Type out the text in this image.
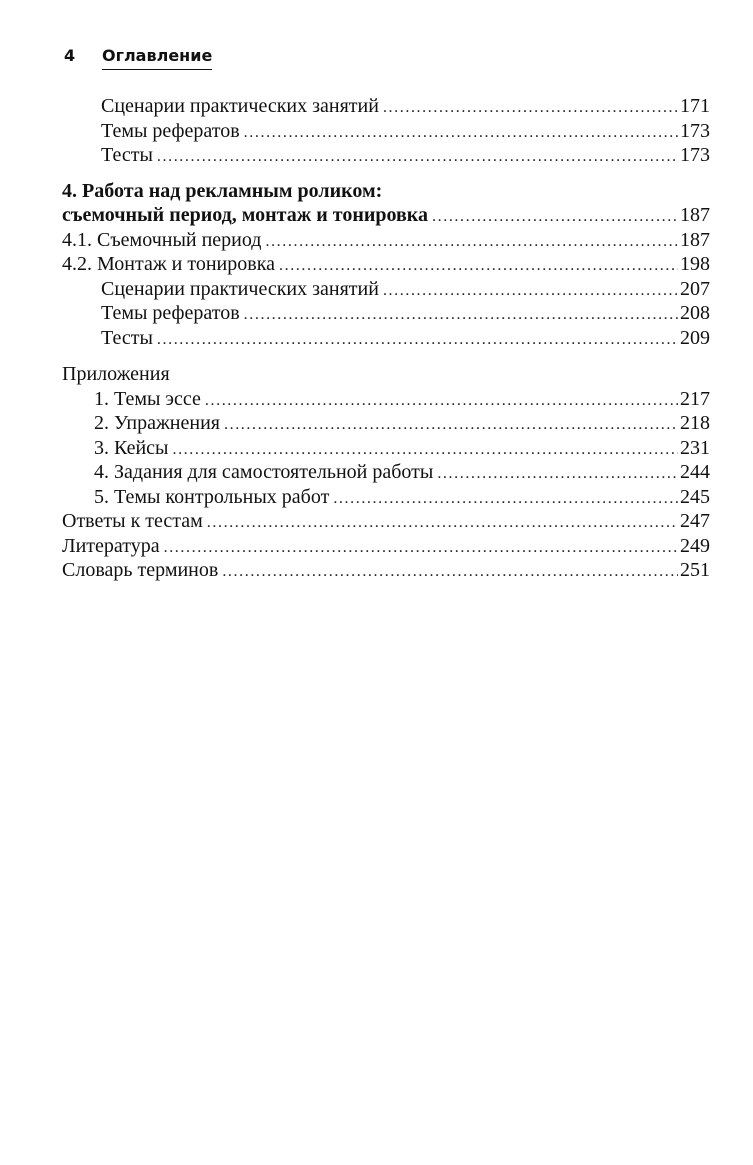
4 Оглавление
Сценарии практических занятий . . .	171
Темы рефератов . . .	173
Тесты . . .	173
4. Работа над рекламным роликом:
съемочный период, монтаж и тонировка . . .	187
4.1. Съемочный период . . .	187
4.2. Монтаж и тонировка . . .	198
Сценарии практических занятий . . .	207
Темы рефератов . . .	208
Тесты . . .	209
Приложения
1. Темы эссе . . .	217
2. Упражнения . . .	218
3. Кейсы . . .	231
4. Задания для самостоятельной работы . . .	244
5. Темы контрольных работ . . .	245
Ответы к тестам . . .	247
Литература . . .	249
Словарь терминов . . .	251
